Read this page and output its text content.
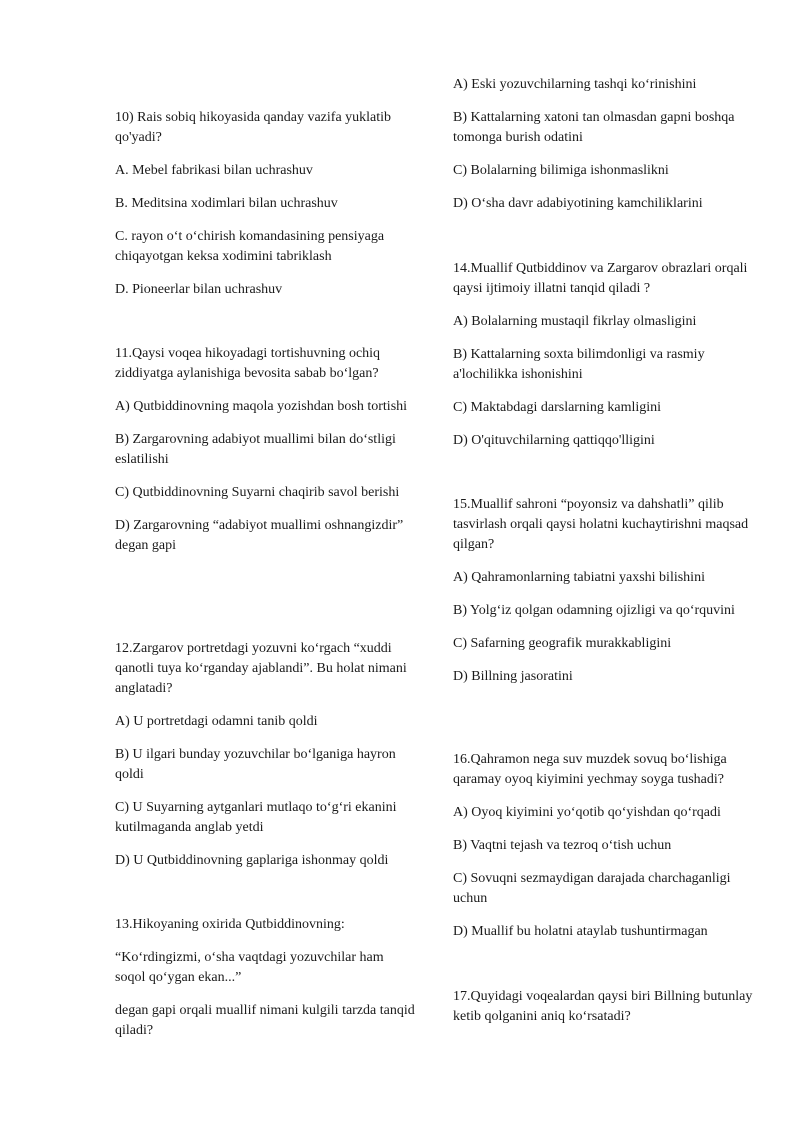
10) Rais sobiq hikoyasida qanday vazifa yuklatib qo'yadi?

A. Mebel fabrikasi bilan uchrashuv

B. Meditsina xodimlari bilan uchrashuv

C. rayon o‘t o‘chirish komandasining pensiyaga chiqayotgan keksa xodimini tabriklash

D. Pioneerlar bilan uchrashuv

11.Qaysi voqea hikoyadagi tortishuvning ochiq ziddiyatga aylanishiga bevosita sabab bo‘lgan?

A) Qutbiddinovning maqola yozishdan bosh tortishi

B) Zargarovning adabiyot muallimi bilan do‘stligi eslatilishi

C) Qutbiddinovning Suyarni chaqirib savol berishi

D) Zargarovning “adabiyot muallimi oshnangizdir” degan gapi

12.Zargarov portretdagi yozuvni ko‘rgach “xuddi qanotli tuya ko‘rganday ajablandi”. Bu holat nimani anglatadi?

A) U portretdagi odamni tanib qoldi

B) U ilgari bunday yozuvchilar bo‘lganiga hayron qoldi

C) U Suyarning aytganlari mutlaqo to‘g‘ri ekanini kutilmaganda anglab yetdi

D) U Qutbiddinovning gaplariga ishonmay qoldi

13.Hikoyaning oxirida Qutbiddinovning:

“Ko‘rdingizmi, o‘sha vaqtdagi yozuvchilar ham soqol qo‘ygan ekan...”

degan gapi orqali muallif nimani kulgili tarzda tanqid qiladi?

A) Eski yozuvchilarning tashqi ko‘rinishini

B) Kattalarning xatoni tan olmasdan gapni boshqa tomonga burish odatini

C) Bolalarning bilimiga ishonmaslikni

D) O‘sha davr adabiyotining kamchiliklarini

14.Muallif Qutbiddinov va Zargarov obrazlari orqali qaysi ijtimoiy illatni tanqid qiladi ?

A) Bolalarning mustaqil fikrlay olmasligini

B) Kattalarning soxta bilimdonligi va rasmiy a'lochilikka ishonishini

C) Maktabdagi darslarning kamligini

D) O'qituvchilarning qattiqqo'lligini

15.Muallif sahroni “poyonsiz va dahshatli” qilib tasvirlash orqali qaysi holatni kuchaytirishni maqsad qilgan?

A) Qahramonlarning tabiatni yaxshi bilishini

B) Yolg‘iz qolgan odamning ojizligi va qo‘rquvini

C) Safarning geografik murakkabligini

D) Billning jasoratini

16.Qahramon nega suv muzdek sovuq bo‘lishiga qaramay oyoq kiyimini yechmay soyga tushadi?

A) Oyoq kiyimini yo‘qotib qo‘yishdan qo‘rqadi

B) Vaqtni tejash va tezroq o‘tish uchun

C) Sovuqni sezmaydigan darajada charchaganligi uchun

D) Muallif bu holatni ataylab tushuntirmagan

17.Quyidagi voqealardan qaysi biri Billning butunlay ketib qolganini aniq ko‘rsatadi?
